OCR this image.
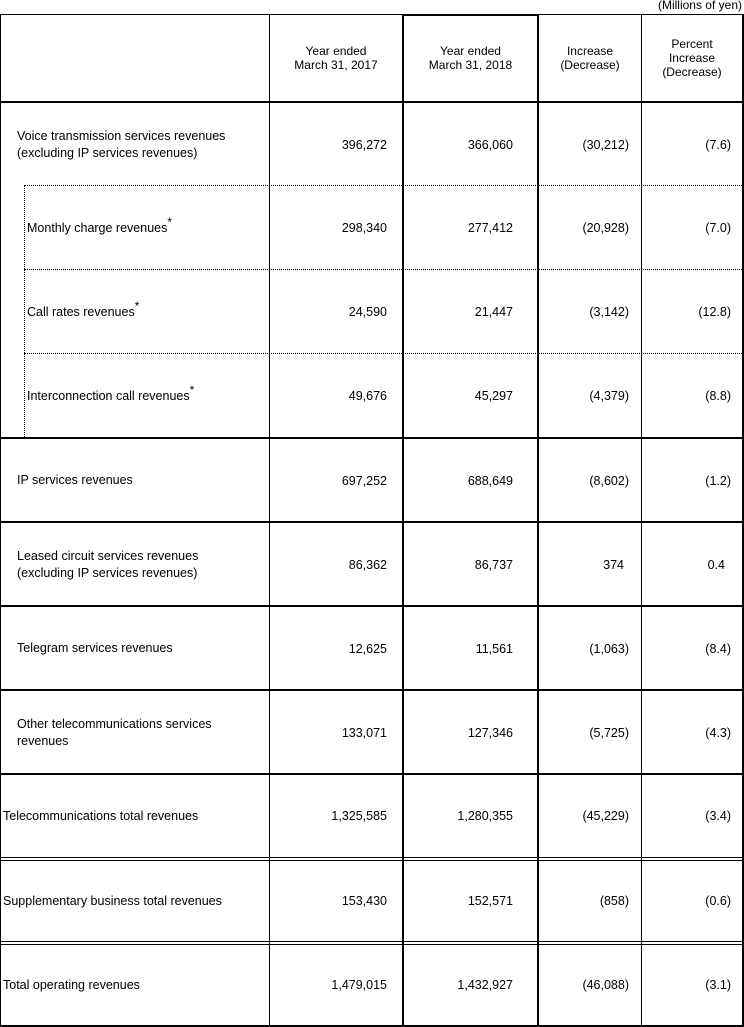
(Millions of yen)
Year ended
March 31, 2017
Year ended
March 31, 2018
Increase
(Decrease)
Percent
Increase
(Decrease)
Voice transmission services revenues
(excluding IP services revenues)
396,272	366,060	(30,212)	(7.6)
Monthly charge revenues*	298,340	277,412	(20,928)	(7.0)
Call rates revenues*	24,590	21,447	(3,142)	(12.8)
Interconnection call revenues*	49,676	45,297	(4,379)	(8.8)
IP services revenues	697,252	688,649	(8,602)	(1.2)
Leased circuit services revenues
(excluding IP services revenues)
86,362	86,737	374	0.4
Telegram services revenues	12,625	11,561	(1,063)	(8.4)
Other telecommunications services
revenues
133,071	127,346	(5,725)	(4.3)
Telecommunications total revenues	1,325,585	1,280,355	(45,229)	(3.4)
Supplementary business total revenues	153,430	152,571	(858)	(0.6)
Total operating revenues	1,479,015	1,432,927	(46,088)	(3.1)
